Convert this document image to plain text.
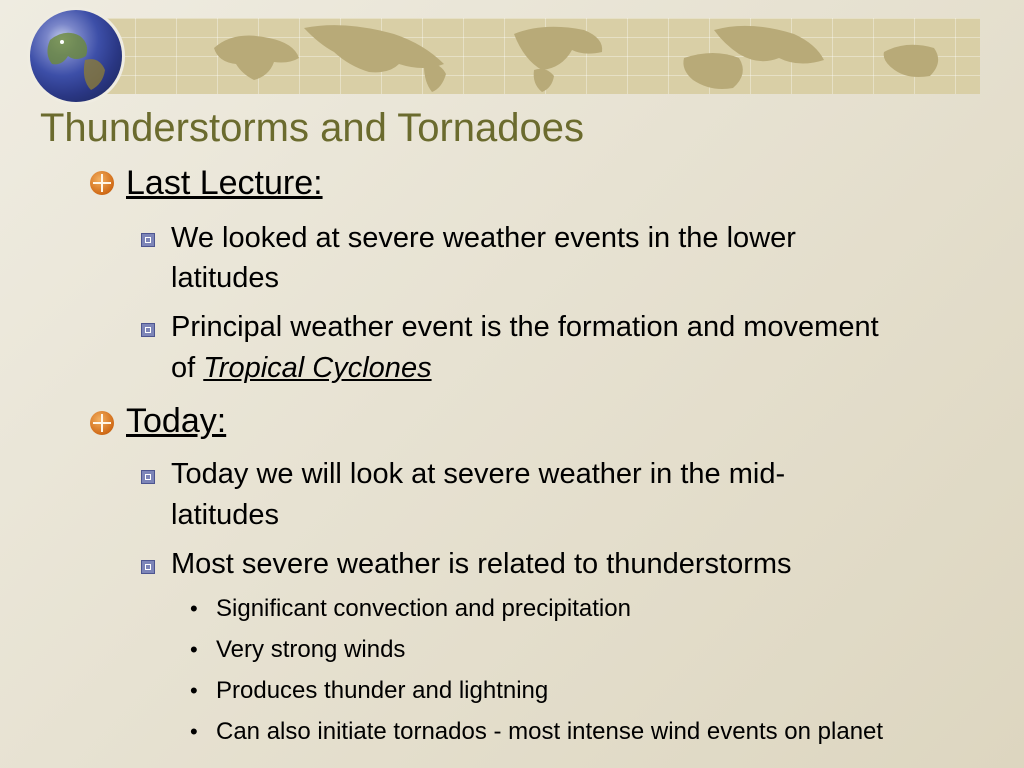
Thunderstorms and Tornadoes
Last Lecture:
We looked at severe weather events in the lower
latitudes
Principal weather event is the formation and movement
of Tropical Cyclones
Today:
Today we will look at severe weather in the mid-
latitudes
Most severe weather is related to thunderstorms
• Significant convection and precipitation
• Very strong winds
• Produces thunder and lightning
• Can also initiate tornados - most intense wind events on planet
